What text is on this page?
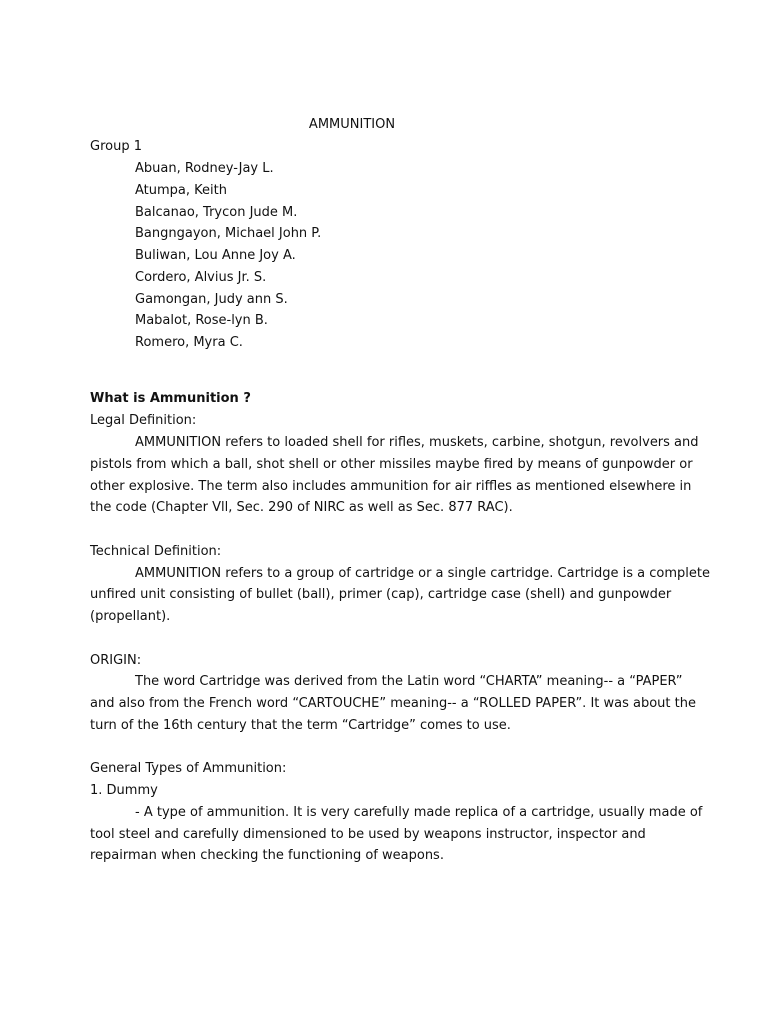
AMMUNITION
Group 1
Abuan, Rodney-Jay L.
Atumpa, Keith
Balcanao, Trycon Jude M.
Bangngayon, Michael John P.
Buliwan, Lou Anne Joy A.
Cordero, Alvius Jr. S.
Gamongan, Judy ann S.
Mabalot, Rose-lyn B.
Romero, Myra C.
What is Ammunition ?
Legal Definition:
AMMUNITION refers to loaded shell for rifles, muskets, carbine, shotgun, revolvers and
pistols from which a ball, shot shell or other missiles maybe fired by means of gunpowder or
other explosive. The term also includes ammunition for air riffles as mentioned elsewhere in
the code (Chapter Vll, Sec. 290 of NIRC as well as Sec. 877 RAC).
Technical Definition:
AMMUNITION refers to a group of cartridge or a single cartridge. Cartridge is a complete
unfired unit consisting of bullet (ball), primer (cap), cartridge case (shell) and gunpowder
(propellant).
ORIGIN:
The word Cartridge was derived from the Latin word “CHARTA” meaning-- a “PAPER”
and also from the French word “CARTOUCHE” meaning-- a “ROLLED PAPER”. It was about the
turn of the 16th century that the term “Cartridge” comes to use.
General Types of Ammunition:
1. Dummy
- A type of ammunition. It is very carefully made replica of a cartridge, usually made of
tool steel and carefully dimensioned to be used by weapons instructor, inspector and
repairman when checking the functioning of weapons.
